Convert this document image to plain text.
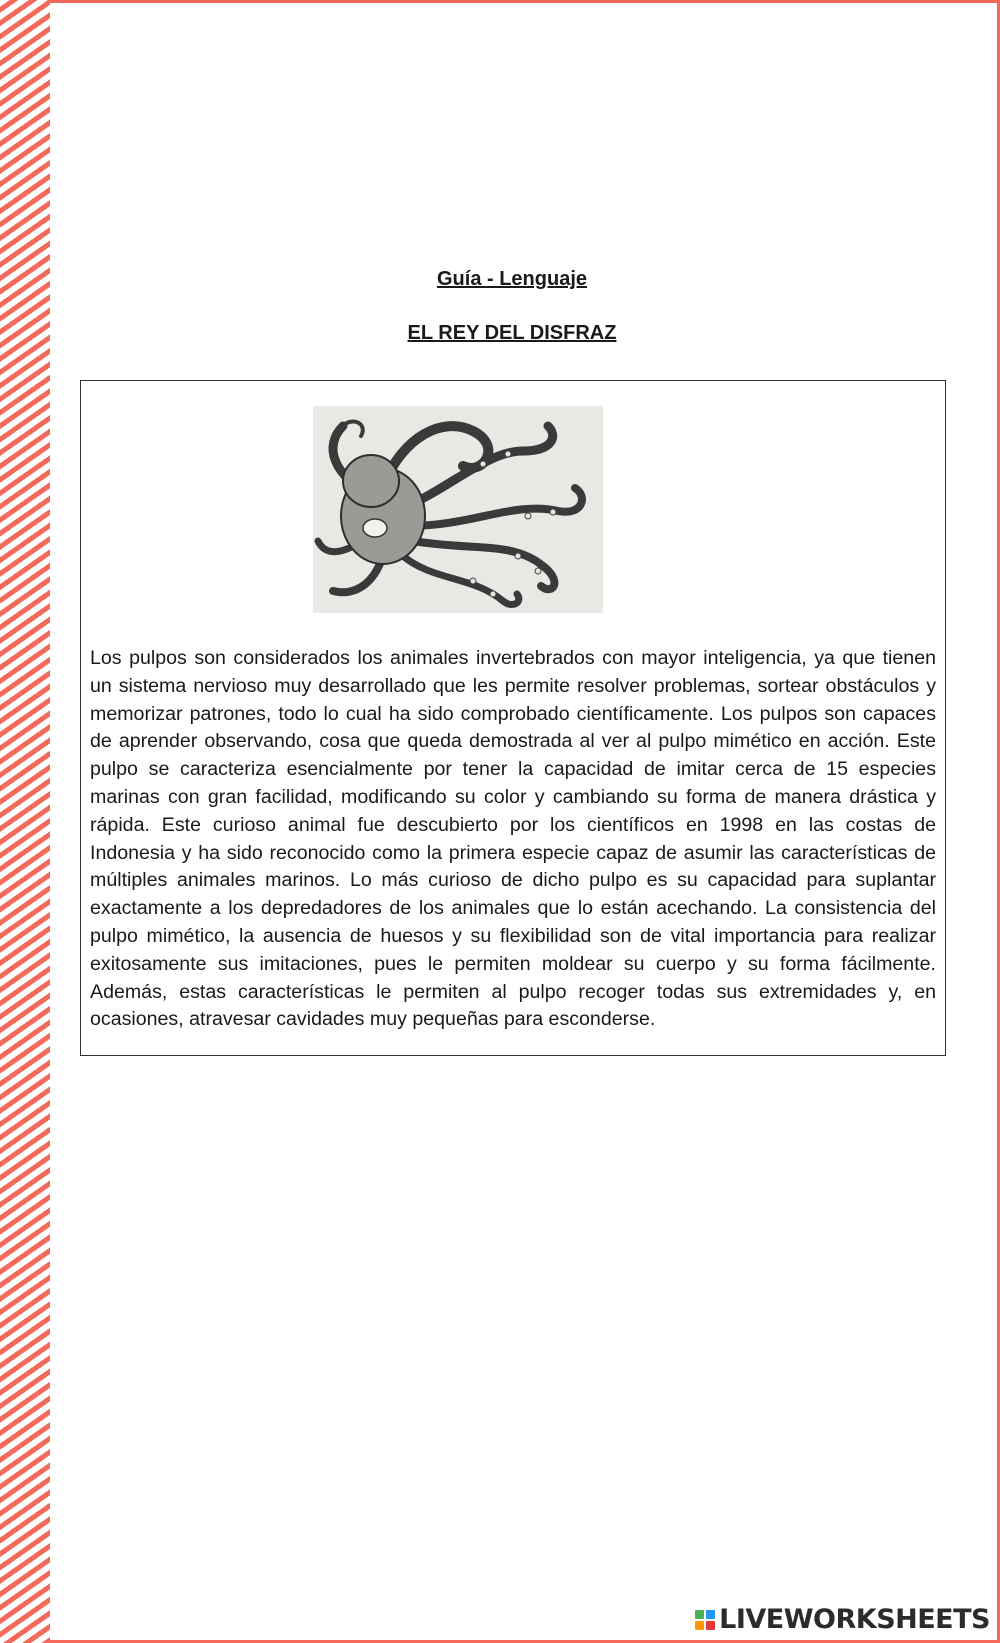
Guía - Lenguaje
EL REY DEL DISFRAZ

Los pulpos son considerados los animales invertebrados con mayor inteligencia, ya que tienen un sistema nervioso muy desarrollado que les permite resolver problemas, sortear obstáculos y memorizar patrones, todo lo cual ha sido comprobado científicamente. Los pulpos son capaces de aprender observando, cosa que queda demostrada al ver al pulpo mimético en acción. Este pulpo se caracteriza esencialmente por tener la capacidad de imitar cerca de 15 especies marinas con gran facilidad, modificando su color y cambiando su forma de manera drástica y rápida. Este curioso animal fue descubierto por los científicos en 1998 en las costas de Indonesia y ha sido reconocido como la primera especie capaz de asumir las características de múltiples animales marinos. Lo más curioso de dicho pulpo es su capacidad para suplantar exactamente a los depredadores de los animales que lo están acechando. La consistencia del pulpo mimético, la ausencia de huesos y su flexibilidad son de vital importancia para realizar exitosamente sus imitaciones, pues le permiten moldear su cuerpo y su forma fácilmente. Además, estas características le permiten al pulpo recoger todas sus extremidades y, en ocasiones, atravesar cavidades muy pequeñas para esconderse.

LIVEWORKSHEETS
